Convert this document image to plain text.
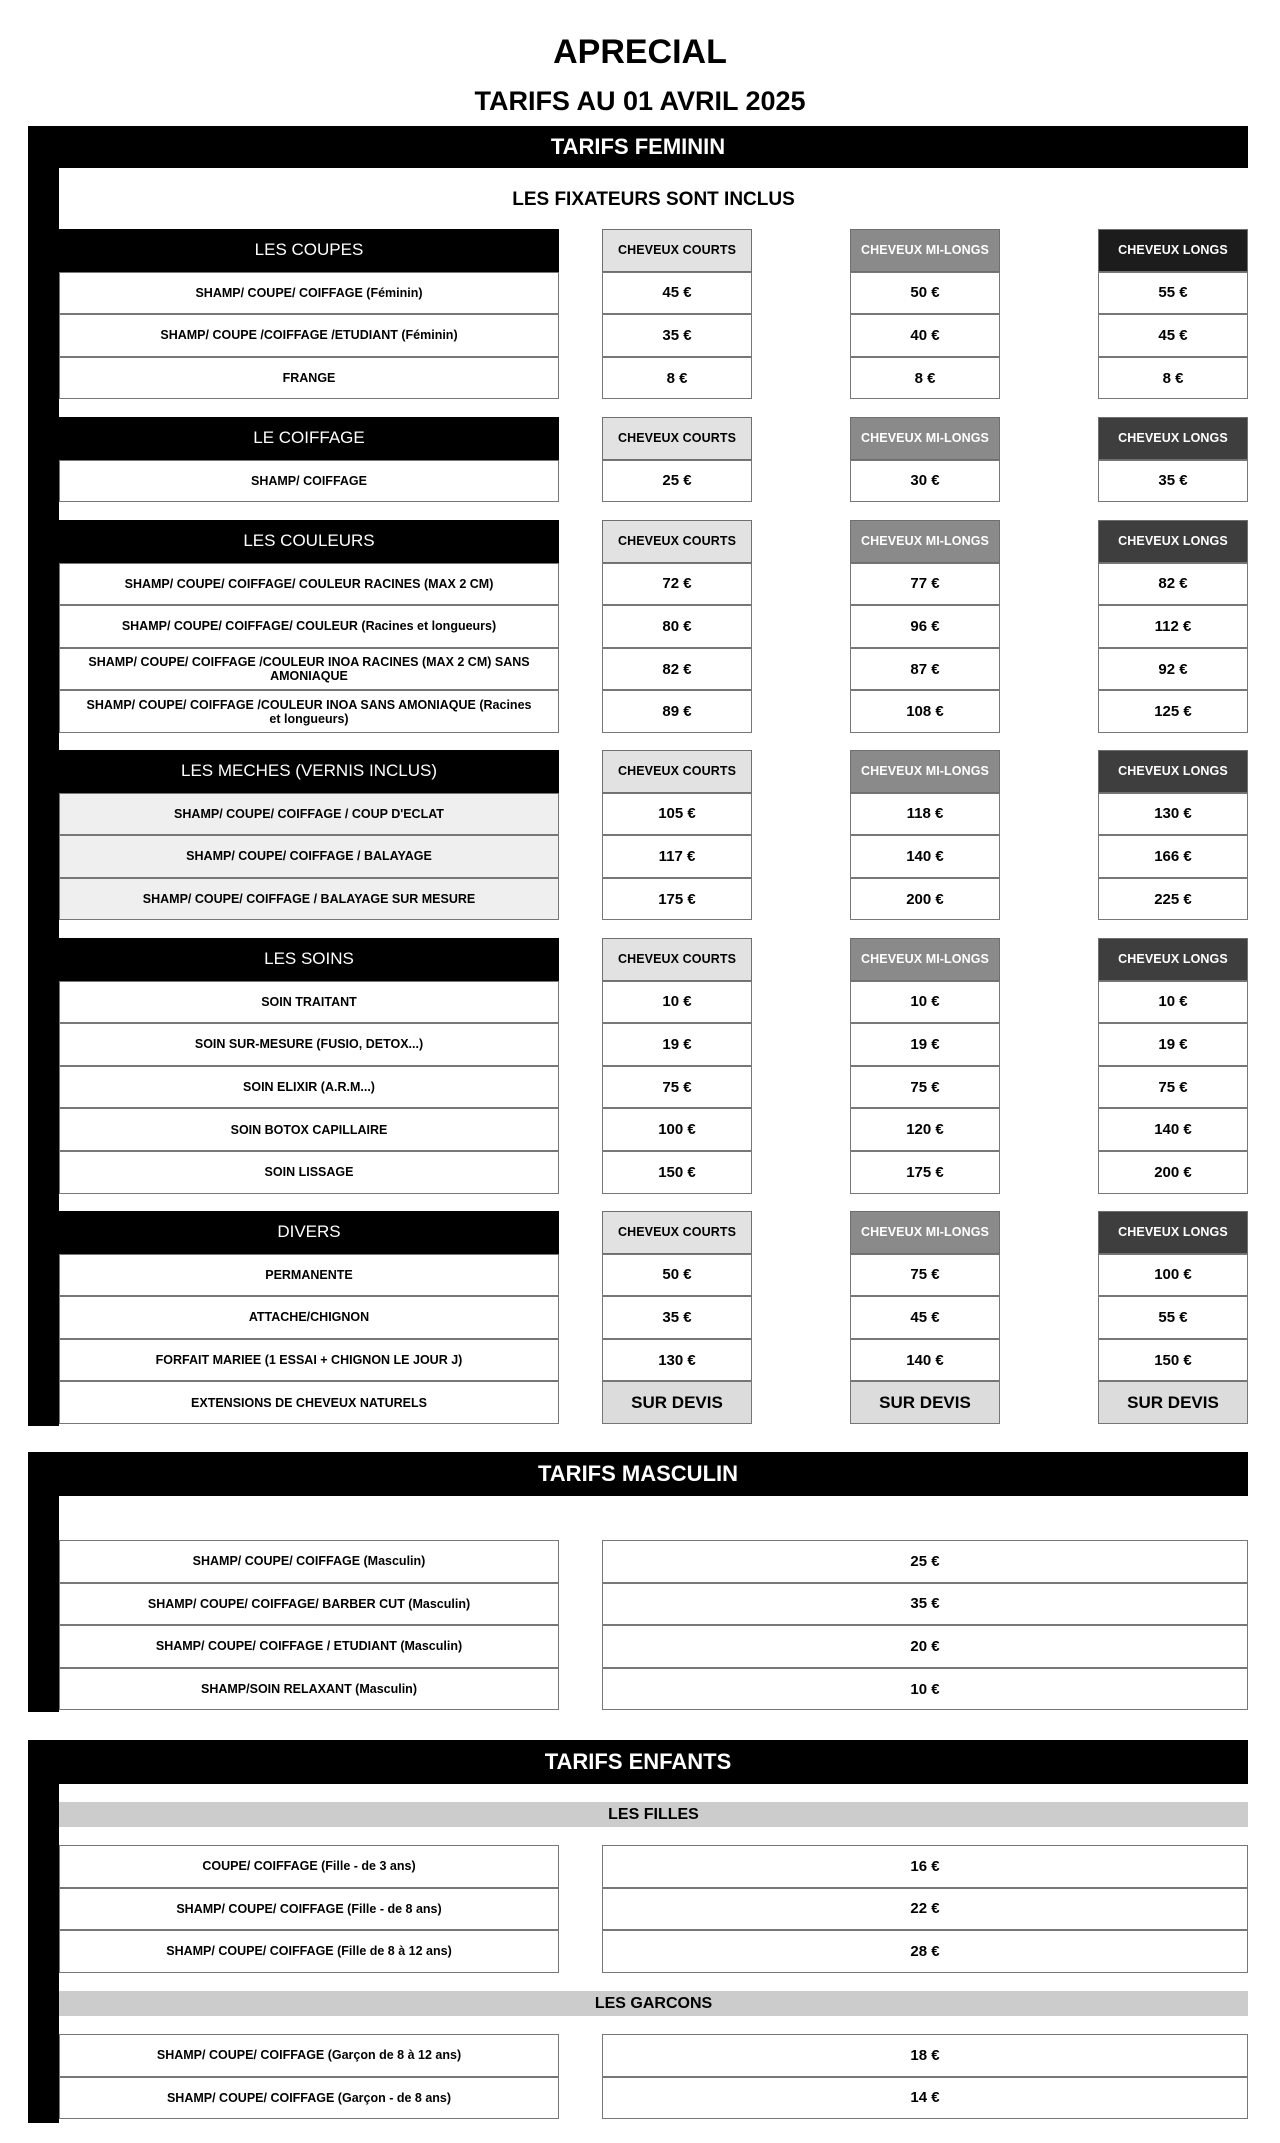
APRECIAL
TARIFS AU 01 AVRIL 2025
TARIFS FEMININ
LES FIXATEURS SONT INCLUS
LES COUPES	CHEVEUX COURTS	CHEVEUX MI-LONGS	CHEVEUX LONGS
SHAMP/ COUPE/ COIFFAGE (Féminin)	45 €	50 €	55 €
SHAMP/ COUPE /COIFFAGE /ETUDIANT (Féminin)	35 €	40 €	45 €
FRANGE	8 €	8 €	8 €
LE COIFFAGE	CHEVEUX COURTS	CHEVEUX MI-LONGS	CHEVEUX LONGS
SHAMP/ COIFFAGE	25 €	30 €	35 €
LES COULEURS	CHEVEUX COURTS	CHEVEUX MI-LONGS	CHEVEUX LONGS
SHAMP/ COUPE/ COIFFAGE/ COULEUR RACINES (MAX 2 CM)	72 €	77 €	82 €
SHAMP/ COUPE/ COIFFAGE/ COULEUR (Racines et longueurs)	80 €	96 €	112 €
SHAMP/ COUPE/ COIFFAGE /COULEUR INOA RACINES (MAX 2 CM) SANS AMONIAQUE	82 €	87 €	92 €
SHAMP/ COUPE/ COIFFAGE /COULEUR INOA SANS AMONIAQUE (Racines et longueurs)	89 €	108 €	125 €
LES MECHES (VERNIS INCLUS)	CHEVEUX COURTS	CHEVEUX MI-LONGS	CHEVEUX LONGS
SHAMP/ COUPE/ COIFFAGE / COUP D'ECLAT	105 €	118 €	130 €
SHAMP/ COUPE/ COIFFAGE / BALAYAGE	117 €	140 €	166 €
SHAMP/ COUPE/ COIFFAGE / BALAYAGE SUR MESURE	175 €	200 €	225 €
LES SOINS	CHEVEUX COURTS	CHEVEUX MI-LONGS	CHEVEUX LONGS
SOIN TRAITANT	10 €	10 €	10 €
SOIN SUR-MESURE (FUSIO, DETOX...)	19 €	19 €	19 €
SOIN ELIXIR (A.R.M...)	75 €	75 €	75 €
SOIN BOTOX CAPILLAIRE	100 €	120 €	140 €
SOIN LISSAGE	150 €	175 €	200 €
DIVERS	CHEVEUX COURTS	CHEVEUX MI-LONGS	CHEVEUX LONGS
PERMANENTE	50 €	75 €	100 €
ATTACHE/CHIGNON	35 €	45 €	55 €
FORFAIT MARIEE (1 ESSAI + CHIGNON LE JOUR J)	130 €	140 €	150 €
EXTENSIONS DE CHEVEUX NATURELS	SUR DEVIS	SUR DEVIS	SUR DEVIS
TARIFS MASCULIN
SHAMP/ COUPE/ COIFFAGE (Masculin)	25 €
SHAMP/ COUPE/ COIFFAGE/ BARBER CUT (Masculin)	35 €
SHAMP/ COUPE/ COIFFAGE / ETUDIANT (Masculin)	20 €
SHAMP/SOIN RELAXANT (Masculin)	10 €
TARIFS ENFANTS
LES FILLES
LES GARCONS
COUPE/ COIFFAGE (Fille - de 3 ans)	16 €
SHAMP/ COUPE/ COIFFAGE (Fille - de 8 ans)	22 €
SHAMP/ COUPE/ COIFFAGE (Fille de 8 à 12 ans)	28 €
SHAMP/ COUPE/ COIFFAGE (Garçon de 8 à 12 ans)	18 €
SHAMP/ COUPE/ COIFFAGE (Garçon - de 8 ans)	14 €
